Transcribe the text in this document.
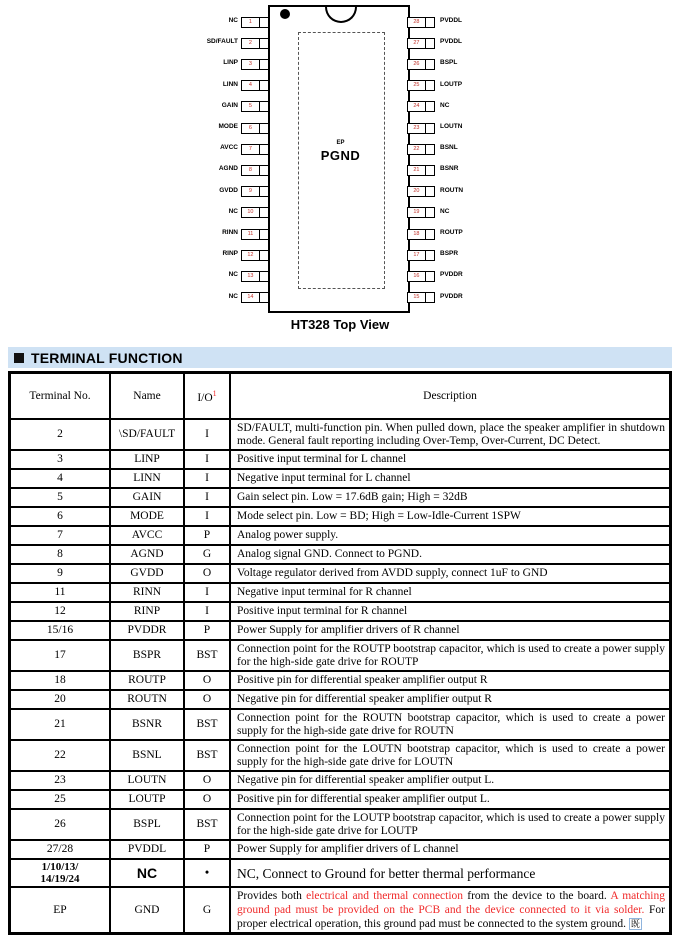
EP
PGND
1
NC
2
SD/FAULT
3
LINP
4
LINN
5
GAIN
6
MODE
7
AVCC
8
AGND
9
GVDD
10
NC
11
RINN
12
RINP
13
NC
14
NC
28	PVDDL
27	PVDDL
26	BSPL
25	LOUTP
24	NC
23	LOUTN
22	BSNL
21	BSNR
20	ROUTN
19	NC
18	ROUTP
17	BSPR
16	PVDDR
15	PVDDR
HT328 Top View
TERMINAL FUNCTION
Terminal No.	Name	$I/O^1$	Description
2	\SD/FAULT	I	SD/FAULT, multi-function pin. When pulled down, place the speaker amplifier in shutdown mode. General fault reporting including Over-Temp, Over-Current, DC Detect.
3	LINP	I	Positive input terminal for L channel
4	LINN	I	Negative input terminal for L channel
5	GAIN	I	Gain select pin. Low = 17.6dB gain; High = 32dB
6	MODE	I	Mode select pin. Low = BD; High = Low-Idle-Current 1SPW
7	AVCC	P	Analog power supply.
8	AGND	G	Analog signal GND. Connect to PGND.
9	GVDD	O	Voltage regulator derived from AVDD supply, connect 1uF to GND
11	RINN	I	Negative input terminal for R channel
12	RINP	I	Positive input terminal for R channel
15/16	PVDDR	P	Power Supply for amplifier drivers of R channel
17	BSPR	BST	Connection point for the ROUTP bootstrap capacitor, which is used to create a power supply for the high-side gate drive for ROUTP
18	ROUTP	O	Positive pin for differential speaker amplifier output R
20	ROUTN	O	Negative pin for differential speaker amplifier output R
21	BSNR	BST	Connection point for the ROUTN bootstrap capacitor, which is used to create a power supply for the high-side gate drive for ROUTN
22	BSNL	BST	Connection point for the LOUTN bootstrap capacitor, which is used to create a power supply for the high-side gate drive for LOUTN
23	LOUTN	O	Negative pin for differential speaker amplifier output L.
25	LOUTP	O	Positive pin for differential speaker amplifier output L.
26	BSPL	BST	Connection point for the LOUTP bootstrap capacitor, which is used to create a power supply for the high-side gate drive for LOUTP
27/28	PVDDL	P	Power Supply for amplifier drivers of L channel

1/10/13/
14/19/24	NC	•	NC, Connect to Ground for better thermal performance
EP	GND	G	Provides both electrical and thermal connection from the device to the board. A matching ground pad must be provided on the PCB and the device connected to it via solder. For proper electrical operation, this ground pad must be connected to the system ground. 既
